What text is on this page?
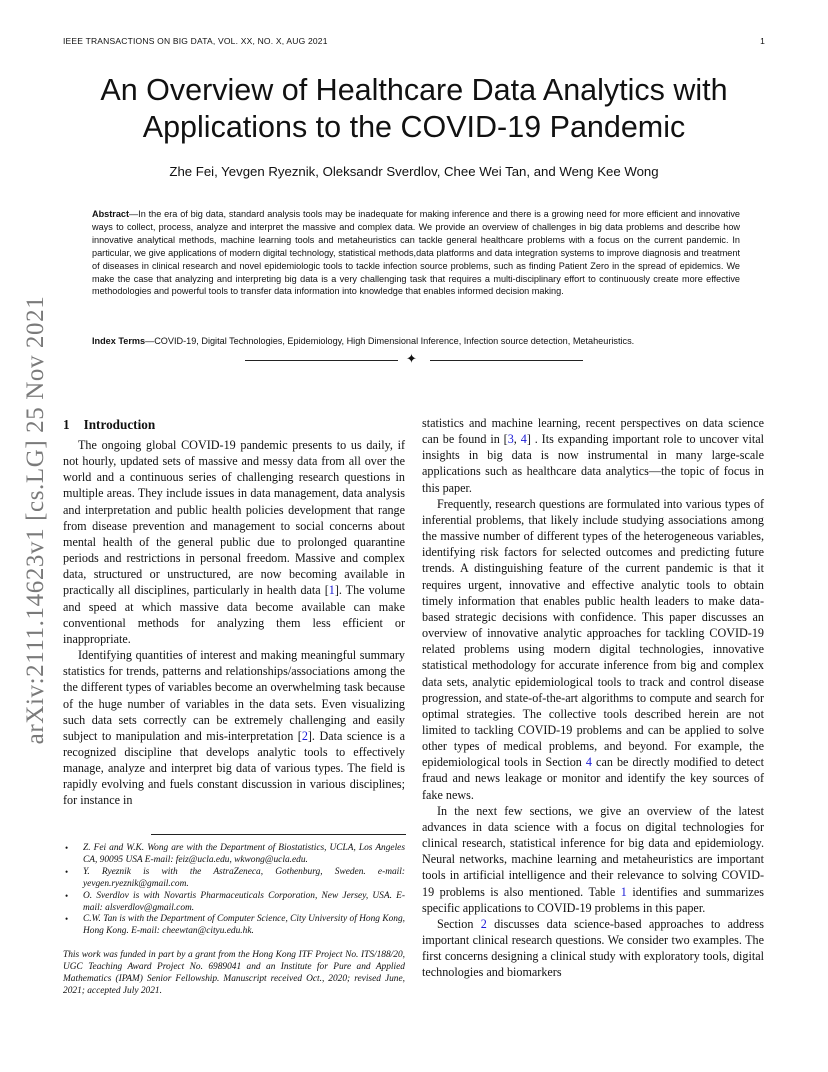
IEEE TRANSACTIONS ON BIG DATA, VOL. XX, NO. X, AUG 2021	1
An Overview of Healthcare Data Analytics with
Applications to the COVID-19 Pandemic
Zhe Fei, Yevgen Ryeznik, Oleksandr Sverdlov, Chee Wei Tan, and Weng Kee Wong
Abstract—In the era of big data, standard analysis tools may be inadequate for making inference and there is a growing need for more efficient and innovative ways to collect, process, analyze and interpret the massive and complex data. We provide an overview of challenges in big data problems and describe how innovative analytical methods, machine learning tools and metaheuristics can tackle general healthcare problems with a focus on the current pandemic. In particular, we give applications of modern digital technology, statistical methods,data platforms and data integration systems to improve diagnosis and treatment of diseases in clinical research and novel epidemiologic tools to tackle infection source problems, such as finding Patient Zero in the spread of epidemics. We make the case that analyzing and interpreting big data is a very challenging task that requires a multi-disciplinary effort to continuously create more effective methodologies and powerful tools to transfer data information into knowledge that enables informed decision making.
Index Terms—COVID-19, Digital Technologies, Epidemiology, High Dimensional Inference, Infection source detection, Metaheuristics.
✦
arXiv:2111.14623v1 [cs.LG] 25 Nov 2021 1 Introduction

The ongoing global COVID-19 pandemic presents to us daily, if not hourly, updated sets of massive and messy data from all over the world and a continuous series of challenging research questions in multiple areas. They include issues in data management, data analysis and interpretation and public health policies development that range from disease prevention and management to social concerns about mental health of the general public due to prolonged quarantine periods and restrictions in personal freedom. Massive and complex data, structured or unstructured, are now becoming available in practically all disciplines, particularly in health data [1]. The volume and speed at which massive data become available can make conventional methods for analyzing them less efficient or inappropriate.

Identifying quantities of interest and making meaningful summary statistics for trends, patterns and relationships/associations among the the different types of variables become an overwhelming task because of the huge number of variables in the data sets. Even visualizing such data sets correctly can be extremely challenging and easily subject to manipulation and mis-interpretation [2]. Data science is a recognized discipline that develops analytic tools to effectively manage, analyze and interpret big data of various types. The field is rapidly evolving and fuels constant discussion in various disciplines; for instance in

• Z. Fei and W.K. Wong are with the Department of Biostatistics, UCLA, Los Angeles CA, 90095 USA E-mail: feiz@ucla.edu, wkwong@ucla.edu.
• Y. Ryeznik is with the AstraZeneca, Gothenburg, Sweden. e-mail: yevgen.ryeznik@gmail.com.
• O. Sverdlov is with Novartis Pharmaceuticals Corporation, New Jersey, USA. E-mail: alsverdlov@gmail.com.
• C.W. Tan is with the Department of Computer Science, City University of Hong Kong, Hong Kong. E-mail: cheewtan@cityu.edu.hk.
This work was funded in part by a grant from the Hong Kong ITF Project No. ITS/188/20, UGC Teaching Award Project No. 6989041 and an Institute for Pure and Applied Mathematics (IPAM) Senior Fellowship. Manuscript received Oct., 2020; revised June, 2021; accepted July 2021.

statistics and machine learning, recent perspectives on data science can be found in [3, 4] . Its expanding important role to uncover vital insights in big data is now instrumental in many large-scale applications such as healthcare data analytics—the topic of focus in this paper.

Frequently, research questions are formulated into various types of inferential problems, that likely include studying associations among the massive number of different types of the heterogeneous variables, identifying risk factors for selected outcomes and predicting future trends. A distinguishing feature of the current pandemic is that it requires urgent, innovative and effective analytic tools to obtain timely information that enables public health leaders to make data-based strategic decisions with confidence. This paper discusses an overview of innovative analytic approaches for tackling COVID-19 related problems using modern digital technologies, innovative statistical methodology for accurate inference from big and complex data sets, analytic epidemiological tools to track and control disease progression, and state-of-the-art algorithms to compute and search for optimal strategies. The collective tools described herein are not limited to tackling COVID-19 problems and can be applied to solve other types of medical problems, and beyond. For example, the epidemiological tools in Section 4 can be directly modified to detect fraud and news leakage or monitor and identify the key sources of fake news.

In the next few sections, we give an overview of the latest advances in data science with a focus on digital technologies for clinical research, statistical inference for big data and epidemiology. Neural networks, machine learning and metaheuristics are important tools in artificial intelligence and their relevance to solving COVID-19 problems is also mentioned. Table 1 identifies and summarizes specific applications to COVID-19 problems in this paper.

Section 2 discusses data science-based approaches to address important clinical research questions. We consider two examples. The first concerns designing a clinical study with exploratory tools, digital technologies and biomarkers
